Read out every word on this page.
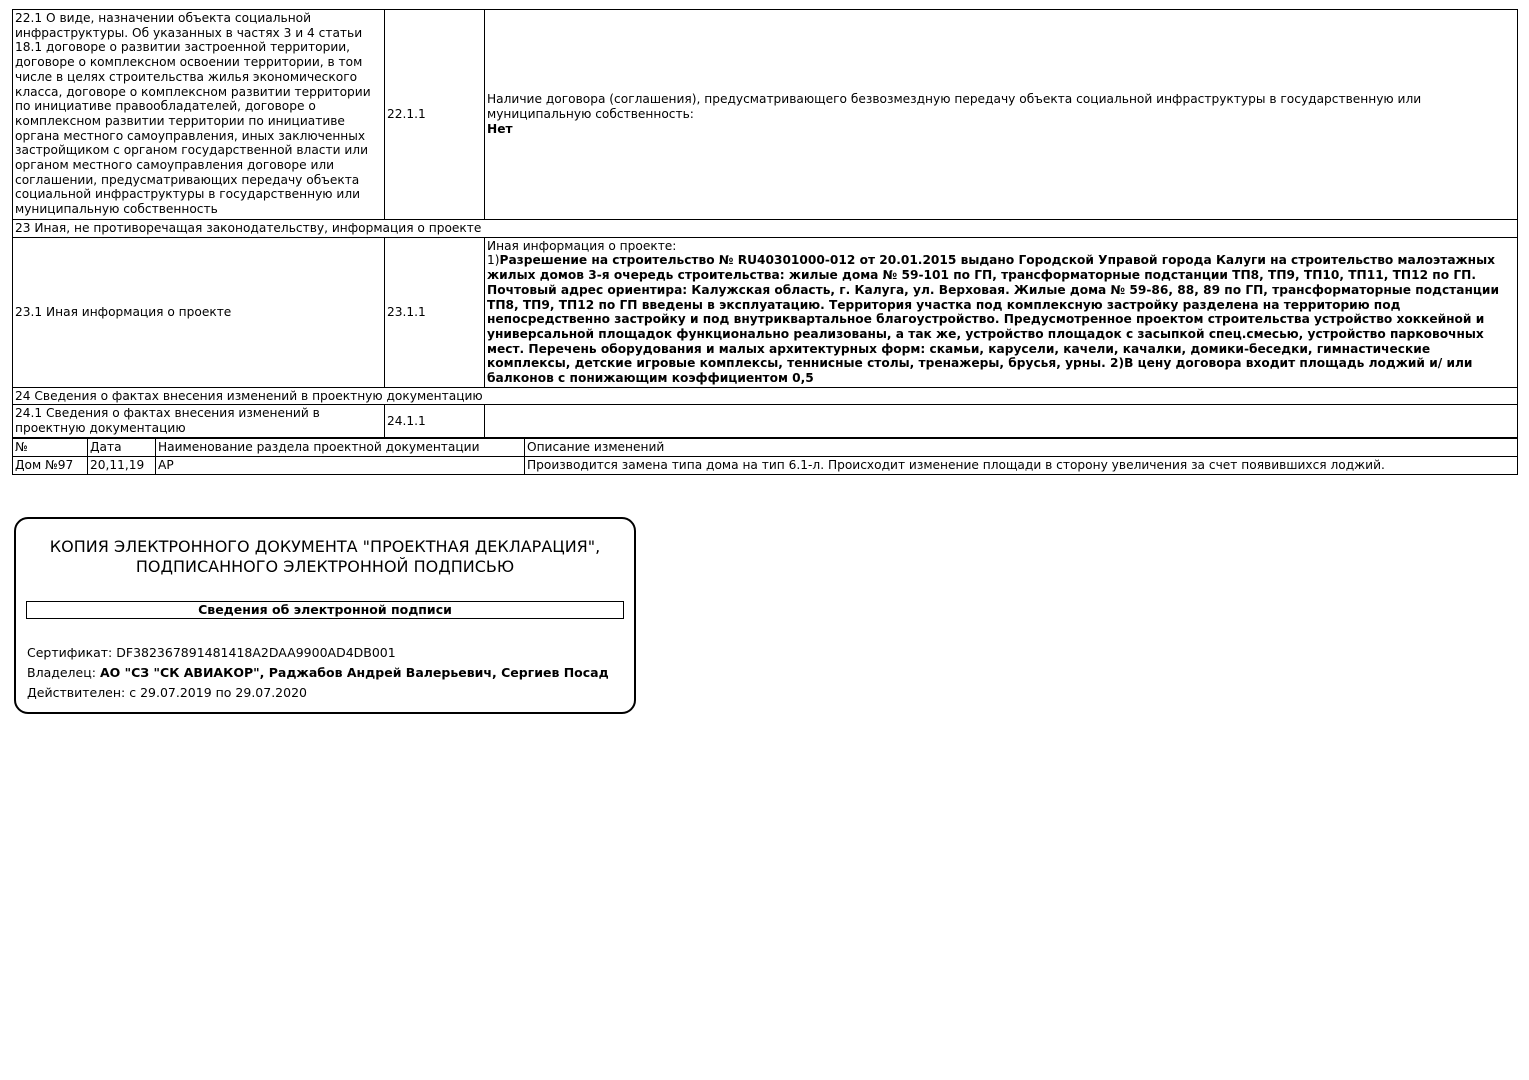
22.1 О виде, назначении объекта социальной инфраструктуры. Об указанных в частях 3 и 4 статьи 18.1 договоре о развитии застроенной территории, договоре о комплексном освоении территории, в том числе в целях строительства жилья экономического класса, договоре о комплексном развитии территории по инициативе правообладателей, договоре о комплексном развитии территории по инициативе органа местного самоуправления, иных заключенных застройщиком с органом государственной власти или органом местного самоуправления договоре или соглашении, предусматривающих передачу объекта социальной инфраструктуры в государственную или муниципальную собственность	22.1.1	Наличие договора (соглашения), предусматривающего безвозмездную передачу объекта социальной инфраструктуры в государственную или муниципальную собственность:
Нет

23 Иная, не противоречащая законодательству, информация о проекте		
23.1 Иная информация о проекте	23.1.1	Иная информация о проекте:
1)Разрешение на строительство № RU40301000-012 от 20.01.2015 выдано Городской Управой города Калуги на строительство малоэтажных жилых домов 3-я очередь строительства: жилые дома № 59-101 по ГП, трансформаторные подстанции ТП8, ТП9, ТП10, ТП11, ТП12 по ГП. Почтовый адрес ориентира: Калужская область, г. Калуга, ул. Верховая. Жилые дома № 59-86, 88, 89 по ГП, трансформаторные подстанции ТП8, ТП9, ТП12 по ГП введены в эксплуатацию. Территория участка под комплексную застройку разделена на территорию под непосредственно застройку и под внутриквартальное благоустройство. Предусмотренное проектом строительства устройство хоккейной и универсальной площадок функционально реализованы, а так же, устройство площадок с засыпкой спец.смесью, устройство парковочных мест. Перечень оборудования и малых архитектурных форм: скамьи, карусели, качели, качалки, домики-беседки, гимнастические комплексы, детские игровые комплексы, теннисные столы, тренажеры, брусья, урны. 2)В цену договора входит площадь лоджий и/ или балконов с понижающим коэффициентом 0,5

24 Сведения о фактах внесения изменений в проектную документацию		
24.1 Сведения о фактах внесения изменений в проектную документацию	24.1.1	
№	Дата	Наименование раздела проектной документации	Описание изменений
Дом №97	20,11,19	АР	Производится замена типа дома на тип 6.1-л. Происходит изменение площади в сторону увеличения за счет появившихся лоджий.
КОПИЯ ЭЛЕКТРОННОГО ДОКУМЕНТА "ПРОЕКТНАЯ ДЕКЛАРАЦИЯ",
ПОДПИСАННОГО ЭЛЕКТРОННОЙ ПОДПИСЬЮ
Сведения об электронной подписи
Сертификат: DF382367891481418A2DAA9900AD4DB001
Владелец: АО "СЗ "СК АВИАКОР", Раджабов Андрей Валерьевич, Сергиев Посад
Действителен: с 29.07.2019 по 29.07.2020
